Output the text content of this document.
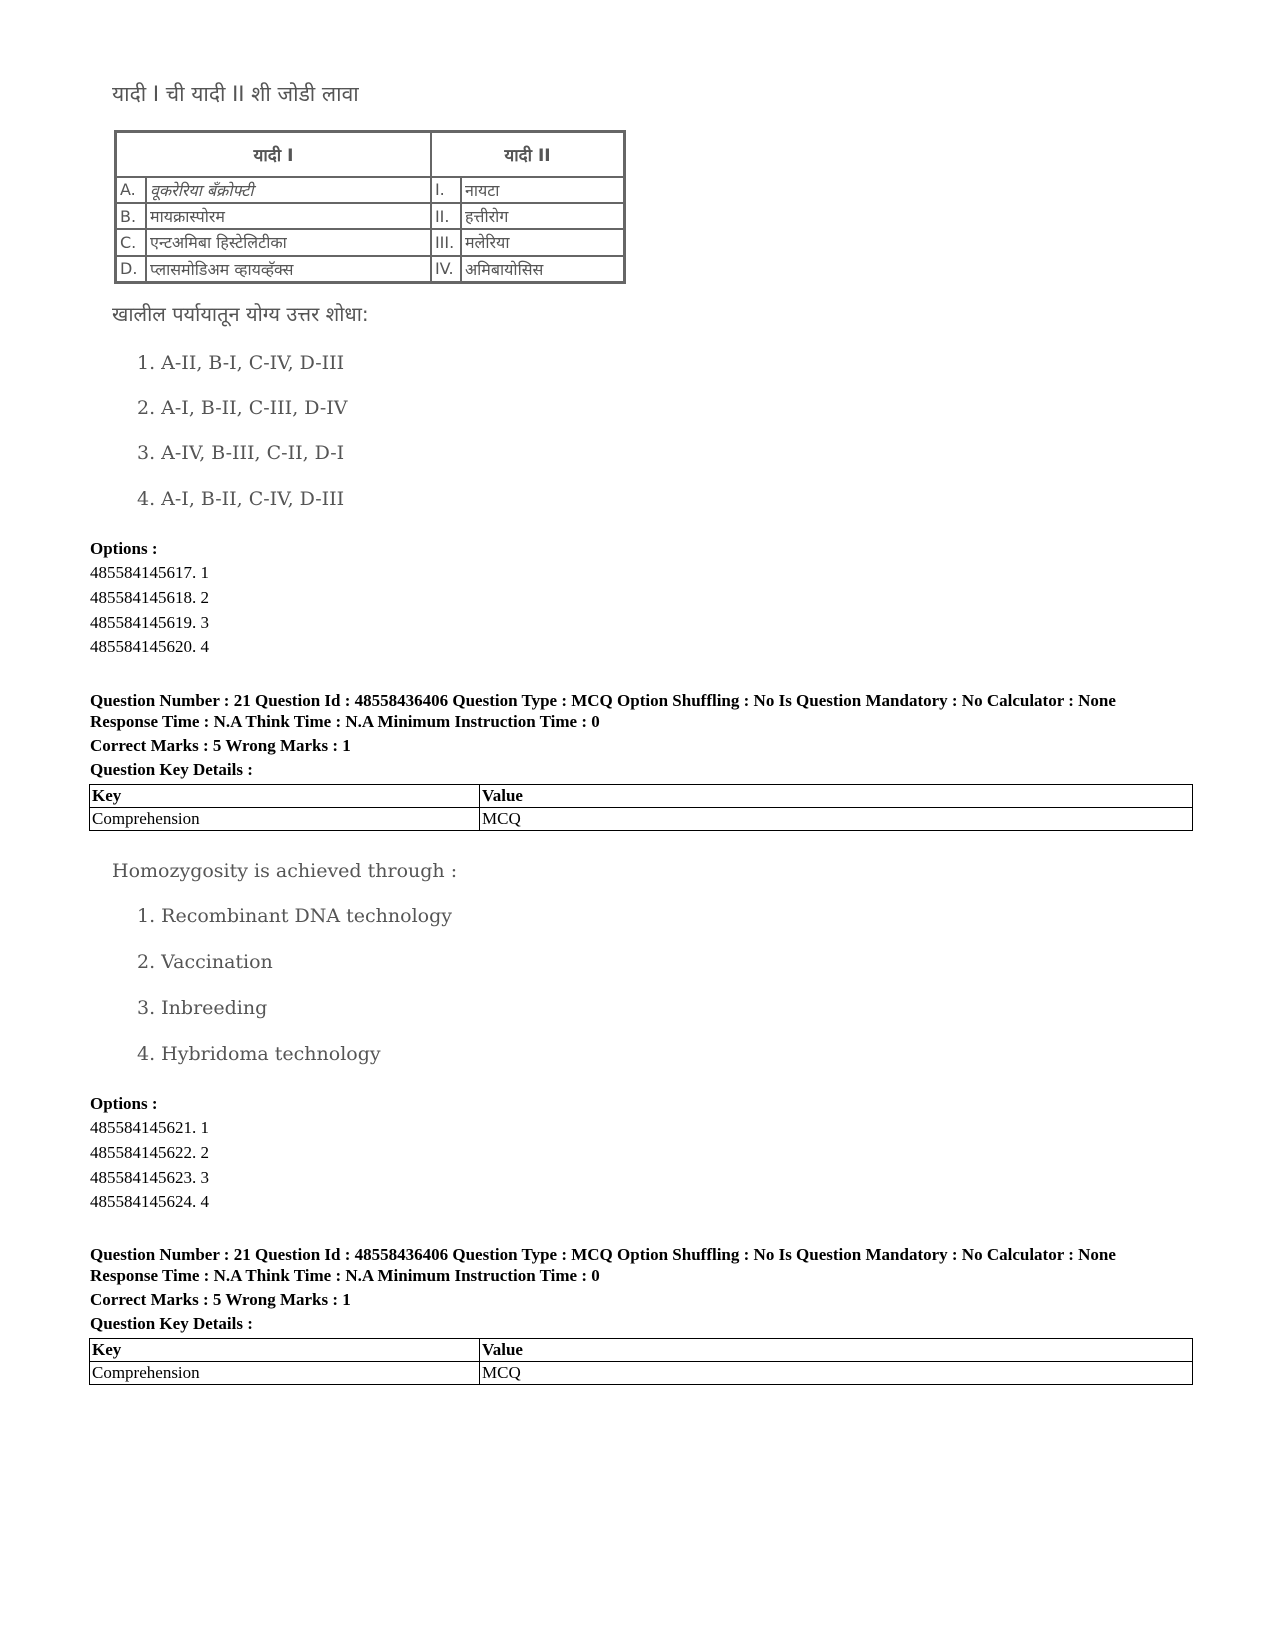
यादी I ची यादी II शी जोडी लावा
यादी I		यादी II	
A.	वूकरेरिया बँक्रोफ्टी	I.	नायटा
B.	मायक्रास्पोरम	II.	हत्तीरोग
C.	एन्टअमिबा हिस्टेलिटीका	III.	मलेरिया
D.	प्लासमोडिअम व्हायव्हॅक्स	IV.	अमिबायोसिस
खालील पर्यायातून योग्य उत्तर शोधा:
1. A-II, B-I, C-IV, D-III
2. A-I, B-II, C-III, D-IV
3. A-IV, B-III, C-II, D-I
4. A-I, B-II, C-IV, D-III
Options :
485584145617. 1
485584145618. 2
485584145619. 3
485584145620. 4
Question Number : 21 Question Id : 48558436406 Question Type : MCQ Option Shuffling : No Is Question Mandatory : No Calculator : None
Response Time : N.A Think Time : N.A Minimum Instruction Time : 0
Correct Marks : 5 Wrong Marks : 1
Question Key Details :
Key	Value
Comprehension	MCQ
Homozygosity is achieved through :
1. Recombinant DNA technology
2. Vaccination
3. Inbreeding
4. Hybridoma technology
Options :
485584145621. 1
485584145622. 2
485584145623. 3
485584145624. 4
Question Number : 21 Question Id : 48558436406 Question Type : MCQ Option Shuffling : No Is Question Mandatory : No Calculator : None
Response Time : N.A Think Time : N.A Minimum Instruction Time : 0
Correct Marks : 5 Wrong Marks : 1
Question Key Details :
Key	Value
Comprehension	MCQ
